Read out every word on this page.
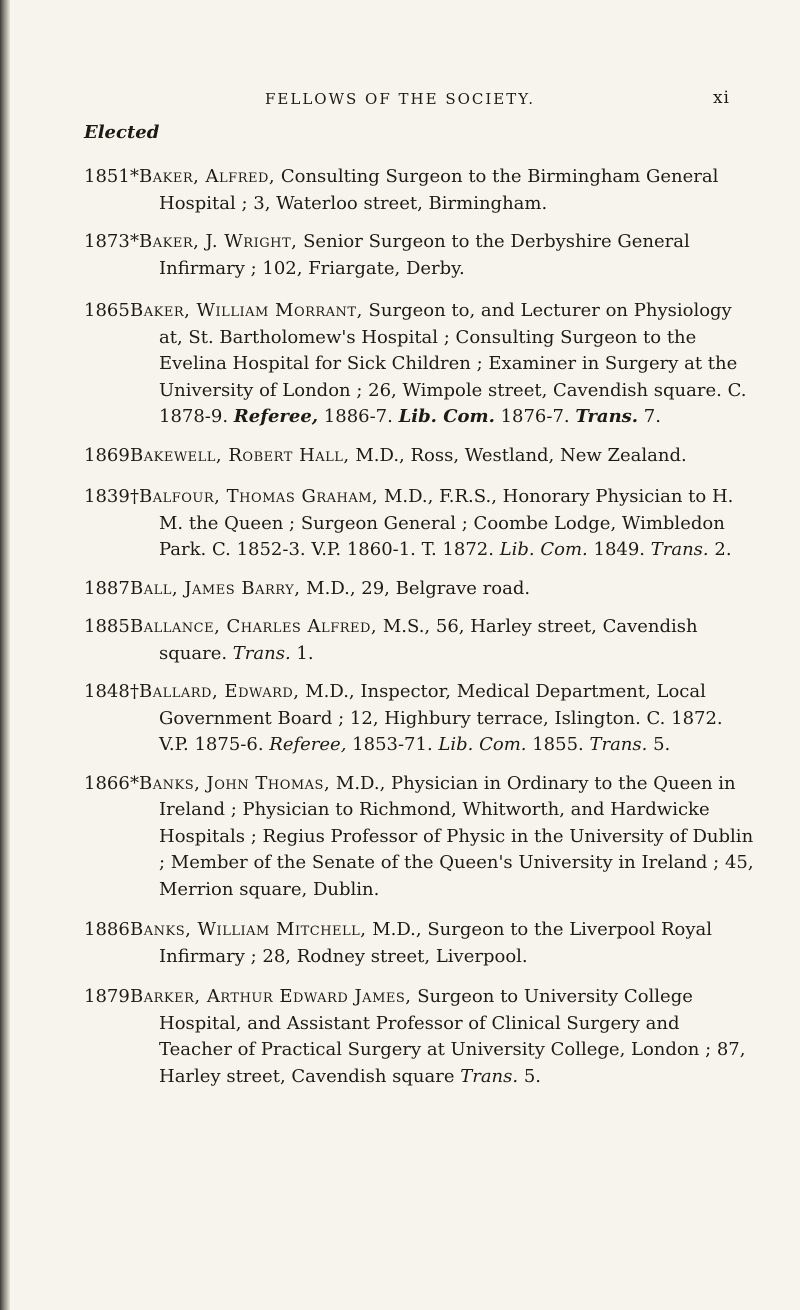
FELLOWS OF THE SOCIETY.	xi
Elected
1851 *Baker, Alfred, Consulting Surgeon to the Birmingham General Hospital ; 3, Waterloo street, Birmingham.
1873 *Baker, J. Wright, Senior Surgeon to the Derbyshire General Infirmary ; 102, Friargate, Derby.
1865 Baker, William Morrant, Surgeon to, and Lecturer on Physiology at, St. Bartholomew's Hospital ; Consulting Surgeon to the Evelina Hospital for Sick Children ; Examiner in Surgery at the University of London ; 26, Wimpole street, Cavendish square. C. 1878-9. Referee, 1886-7. Lib. Com. 1876-7. Trans. 7.
1869 Bakewell, Robert Hall, M.D., Ross, Westland, New Zealand.
1839 †Balfour, Thomas Graham, M.D., F.R.S., Honorary Physician to H. M. the Queen ; Surgeon General ; Coombe Lodge, Wimbledon Park. C. 1852-3. V.P. 1860-1. T. 1872. Lib. Com. 1849. Trans. 2.
1887 Ball, James Barry, M.D., 29, Belgrave road.
1885 Ballance, Charles Alfred, M.S., 56, Harley street, Cavendish square. Trans. 1.
1848 †Ballard, Edward, M.D., Inspector, Medical Department, Local Government Board ; 12, Highbury terrace, Islington. C. 1872. V.P. 1875-6. Referee, 1853-71. Lib. Com. 1855. Trans. 5.
1866 *Banks, John Thomas, M.D., Physician in Ordinary to the Queen in Ireland ; Physician to Richmond, Whitworth, and Hardwicke Hospitals ; Regius Professor of Physic in the University of Dublin ; Member of the Senate of the Queen's University in Ireland ; 45, Merrion square, Dublin.
1886 Banks, William Mitchell, M.D., Surgeon to the Liverpool Royal Infirmary ; 28, Rodney street, Liverpool.
1879 Barker, Arthur Edward James, Surgeon to University College Hospital, and Assistant Professor of Clinical Surgery and Teacher of Practical Surgery at University College, London ; 87, Harley street, Cavendish square Trans. 5.
